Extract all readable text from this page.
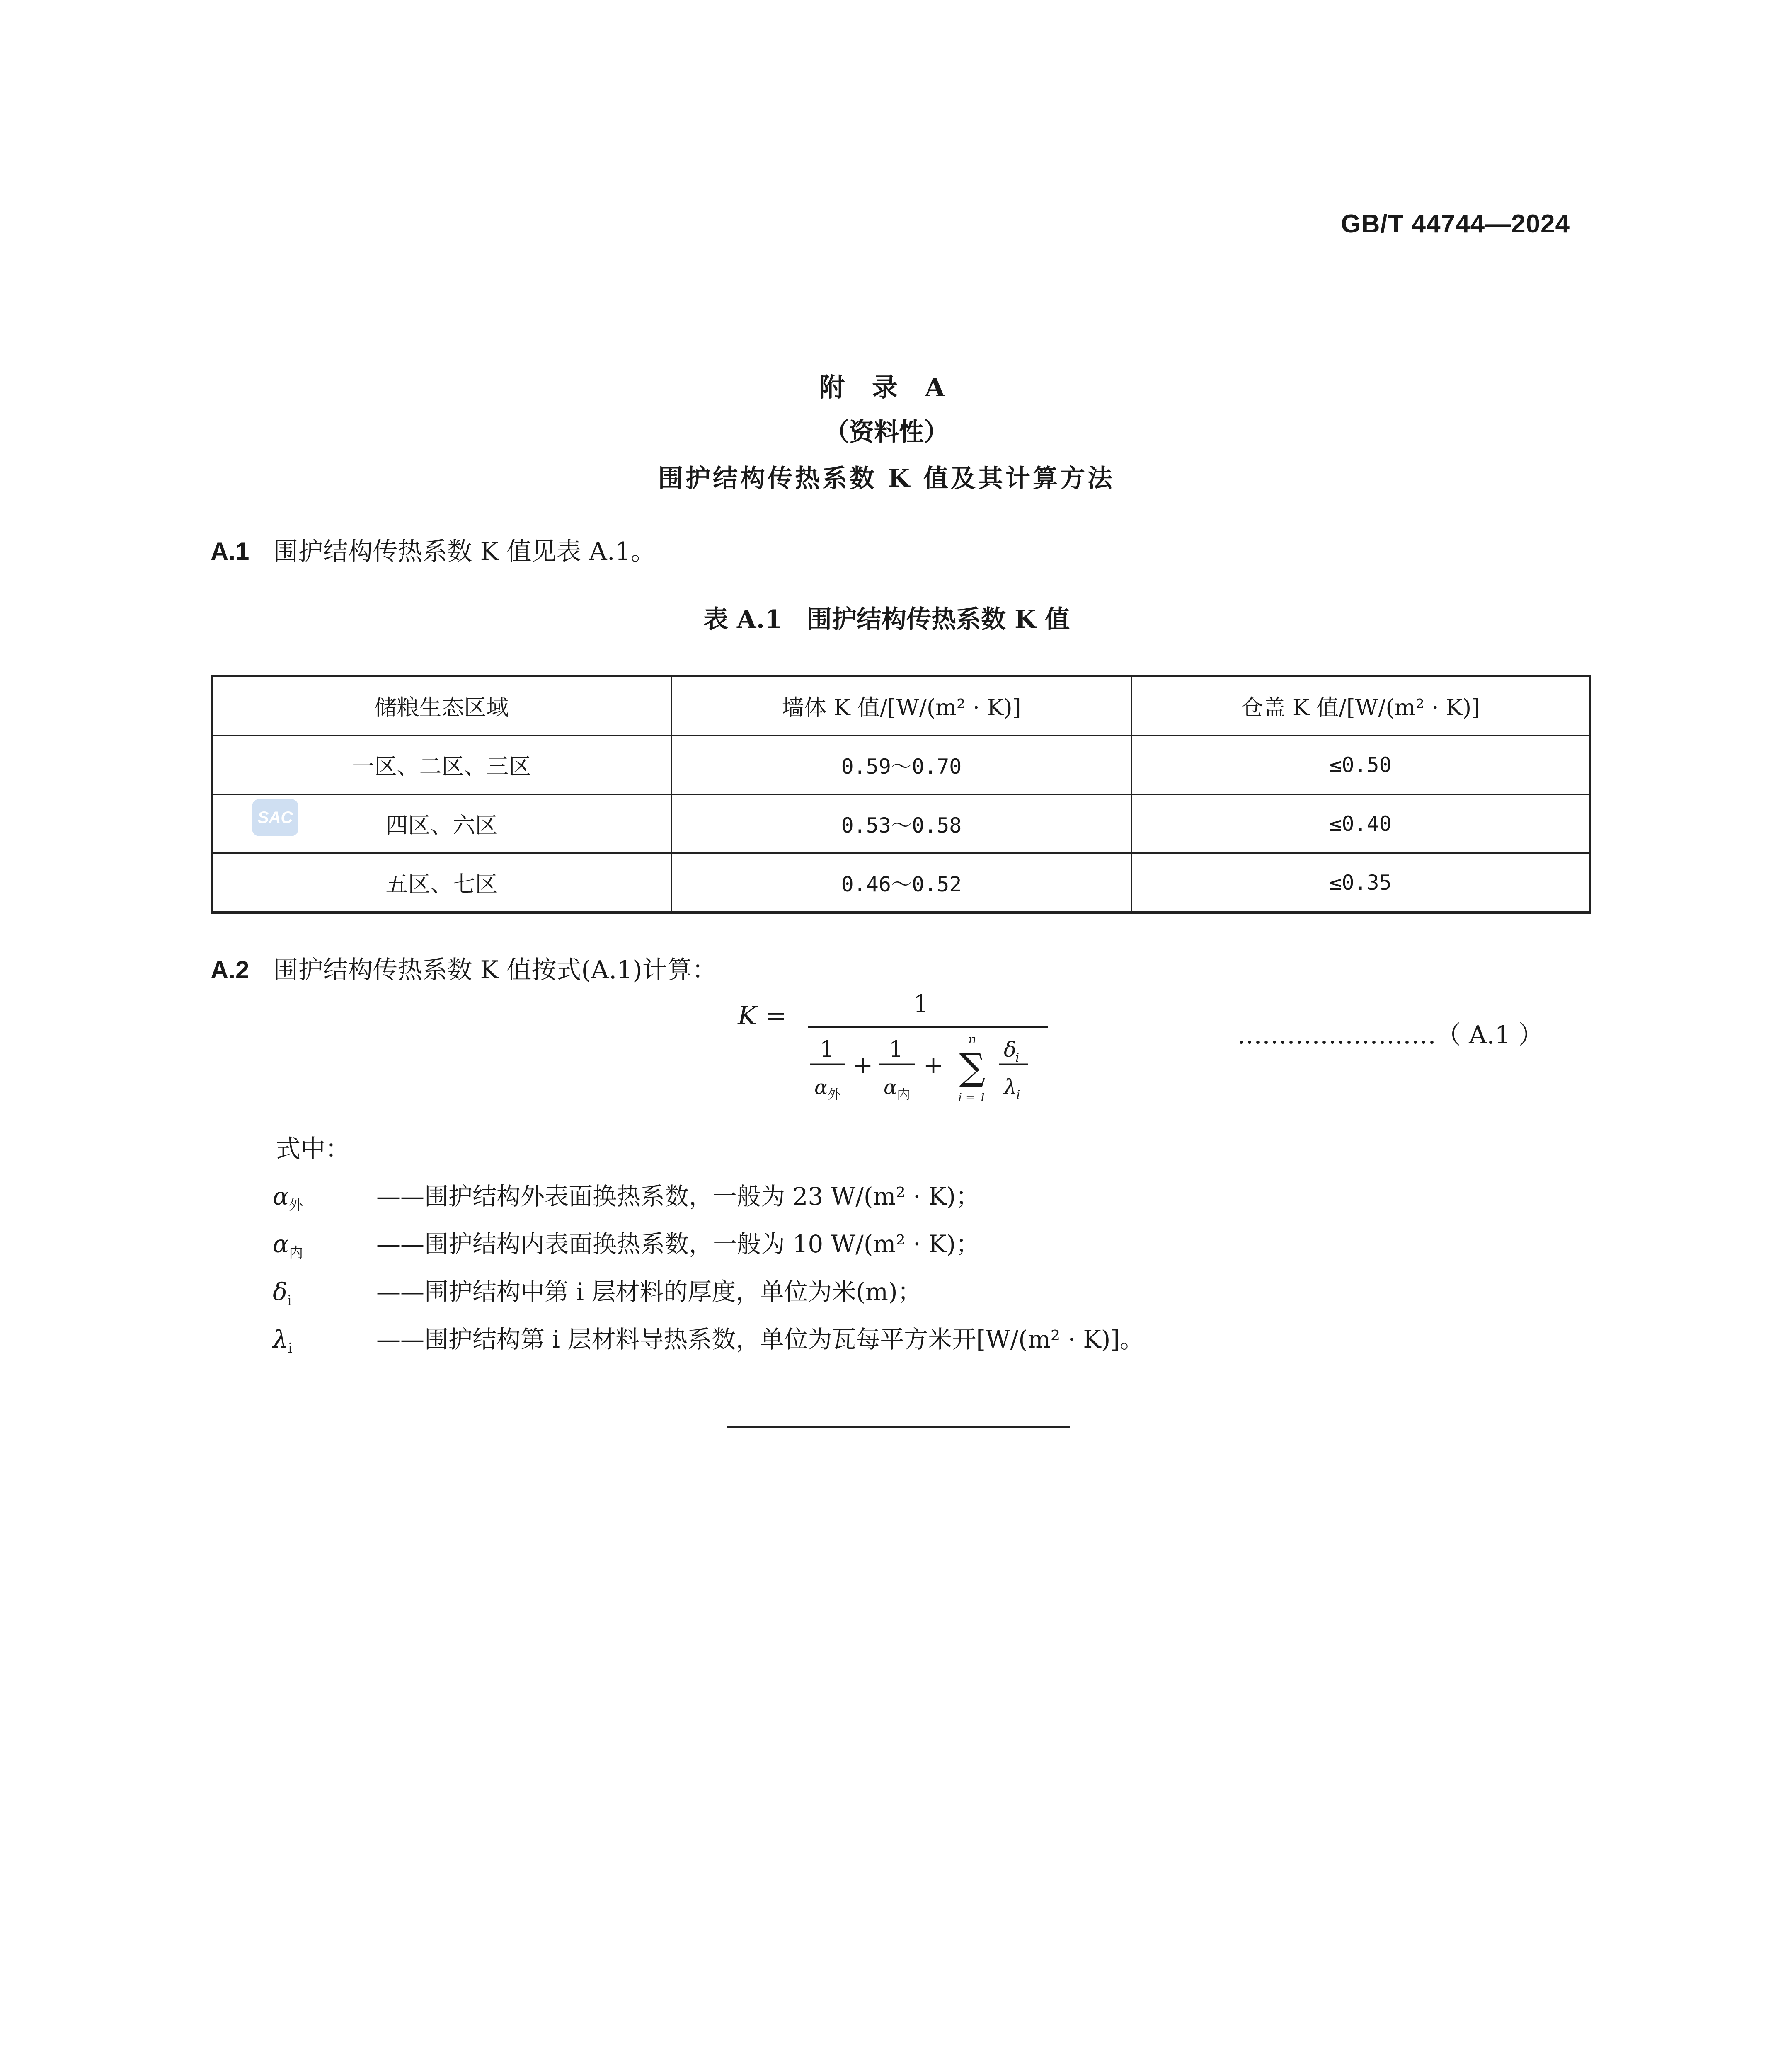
GB/T 44744—2024
附 录 A
（资料性）
围护结构传热系数 K 值及其计算方法
A.1 围护结构传热系数 K 值见表 A.1。
表 A.1　围护结构传热系数 K 值
储粮生态区域	墙体 K 值/[W/(m² · K)]	仓盖 K 值/[W/(m² · K)]
一区、二区、三区	0.59～0.70	≤0.50
四区、六区	0.53～0.58	≤0.40
五区、七区	0.46～0.52	≤0.35
SAC
A.2 围护结构传热系数 K 值按式(A.1)计算：
K =	1
1
α 外
+
1
α 内
+
n
∑
i = 1
δ
i
λ
i
……………………（ A.1 ）
式中：
$\alpha_外$	——围护结构外表面换热系数，一般为 23 W/(m² · K)；
$\alpha_内$	——围护结构内表面换热系数，一般为 10 W/(m² · K)；
$\delta_i$	——围护结构中第 i 层材料的厚度，单位为米(m)；
$\lambda_i$	——围护结构第 i 层材料导热系数，单位为瓦每平方米开[W/(m² · K)]。
